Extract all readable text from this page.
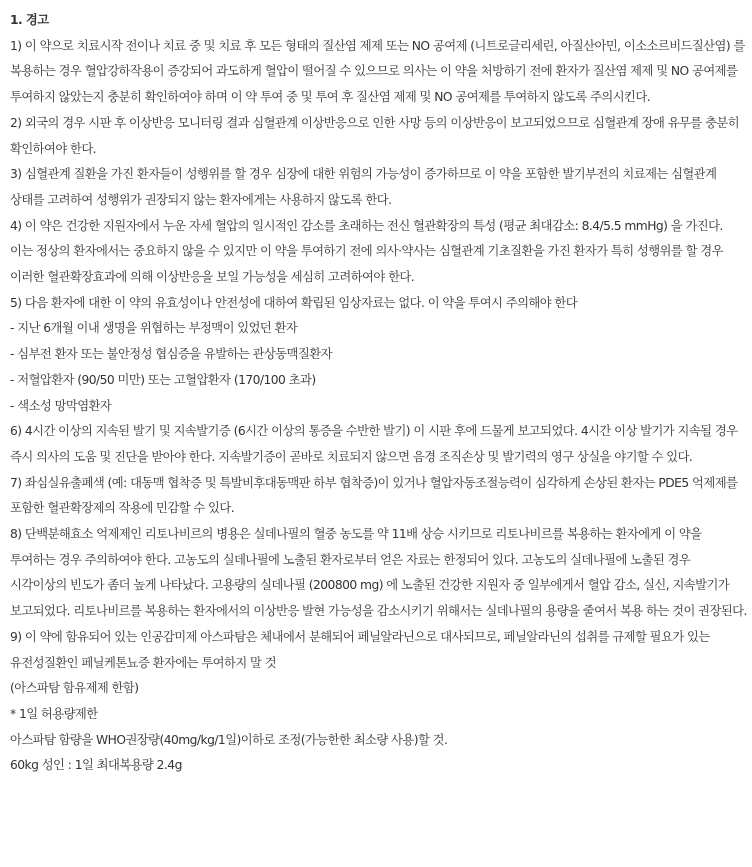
1. 경고
1) 이 약으로 치료시작 전이나 치료 중 및 치료 후 모든 형태의 질산염 제제 또는 NO 공여제 (니트로글리세린, 아질산아민, 이소소르비드질산염) 를 복용하는 경우 혈압강하작용이 증강되어 과도하게 혈압이 떨어질 수 있으므로 의사는 이 약을 처방하기 전에 환자가 질산염 제제 및 NO 공여제를 투여하지 않았는지 충분히 확인하여야 하며 이 약 투여 중 및 투여 후 질산염 제제 및 NO 공여제를 투여하지 않도록 주의시킨다.
2) 외국의 경우 시판 후 이상반응 모니터링 결과 심혈관계 이상반응으로 인한 사망 등의 이상반응이 보고되었으므로 심혈관계 장애 유무를 충분히 확인하여야 한다.
3) 심혈관계 질환을 가진 환자들이 성행위를 할 경우 심장에 대한 위험의 가능성이 증가하므로 이 약을 포함한 발기부전의 치료제는 심혈관계 상태를 고려하여 성행위가 권장되지 않는 환자에게는 사용하지 않도록 한다.
4) 이 약은 건강한 지원자에서 누운 자세 혈압의 일시적인 감소를 초래하는 전신 혈관확장의 특성 (평균 최대감소: 8.4/5.5 mmHg) 을 가진다. 이는 정상의 환자에서는 중요하지 않을 수 있지만 이 약을 투여하기 전에 의사·약사는 심혈관계 기초질환을 가진 환자가 특히 성행위를 할 경우 이러한 혈관확장효과에 의해 이상반응을 보일 가능성을 세심히 고려하여야 한다.
5) 다음 환자에 대한 이 약의 유효성이나 안전성에 대하여 확립된 임상자료는 없다. 이 약을 투여시 주의해야 한다
- 지난 6개월 이내 생명을 위협하는 부정맥이 있었던 환자
- 심부전 환자 또는 불안정성 협심증을 유발하는 관상동맥질환자
- 저혈압환자 (90/50 미만) 또는 고혈압환자 (170/100 초과)
- 색소성 망막염환자
6) 4시간 이상의 지속된 발기 및 지속발기증 (6시간 이상의 통증을 수반한 발기) 이 시판 후에 드물게 보고되었다. 4시간 이상 발기가 지속될 경우 즉시 의사의 도움 및 진단을 받아야 한다. 지속발기증이 곧바로 치료되지 않으면 음경 조직손상 및 발기력의 영구 상실을 야기할 수 있다.
7) 좌심실유출폐색 (예: 대동맥 협착증 및 특발비후대동맥판 하부 협착증)이 있거나 혈압자동조절능력이 심각하게 손상된 환자는 PDE5 억제제를 포함한 혈관확장제의 작용에 민감할 수 있다.
8) 단백분해효소 억제제인 리토나비르의 병용은 실데나필의 혈중 농도를 약 11배 상승 시키므로 리토나비르를 복용하는 환자에게 이 약을 투여하는 경우 주의하여야 한다. 고농도의 실데나필에 노출된 환자로부터 얻은 자료는 한정되어 있다. 고농도의 실데나필에 노출된 경우 시각이상의 빈도가 좀더 높게 나타났다. 고용량의 실데나필 (200800 mg) 에 노출된 건강한 지원자 중 일부에게서 혈압 감소, 실신, 지속발기가 보고되었다. 리토나비르를 복용하는 환자에서의 이상반응 발현 가능성을 감소시키기 위해서는 실데나필의 용량을 줄여서 복용 하는 것이 권장된다.
9) 이 약에 함유되어 있는 인공감미제 아스파탐은 체내에서 분해되어 페닐알라닌으로 대사되므로, 페닐알라닌의 섭취를 규제할 필요가 있는 유전성질환인 페닐케톤뇨증 환자에는 투여하지 말 것
(아스파탐 함유제제 한함)
* 1일 허용량제한
아스파탐 함량을 WHO권장량(40mg/kg/1일)이하로 조정(가능한한 최소량 사용)할 것.
60kg 성인 : 1일 최대복용량 2.4g
